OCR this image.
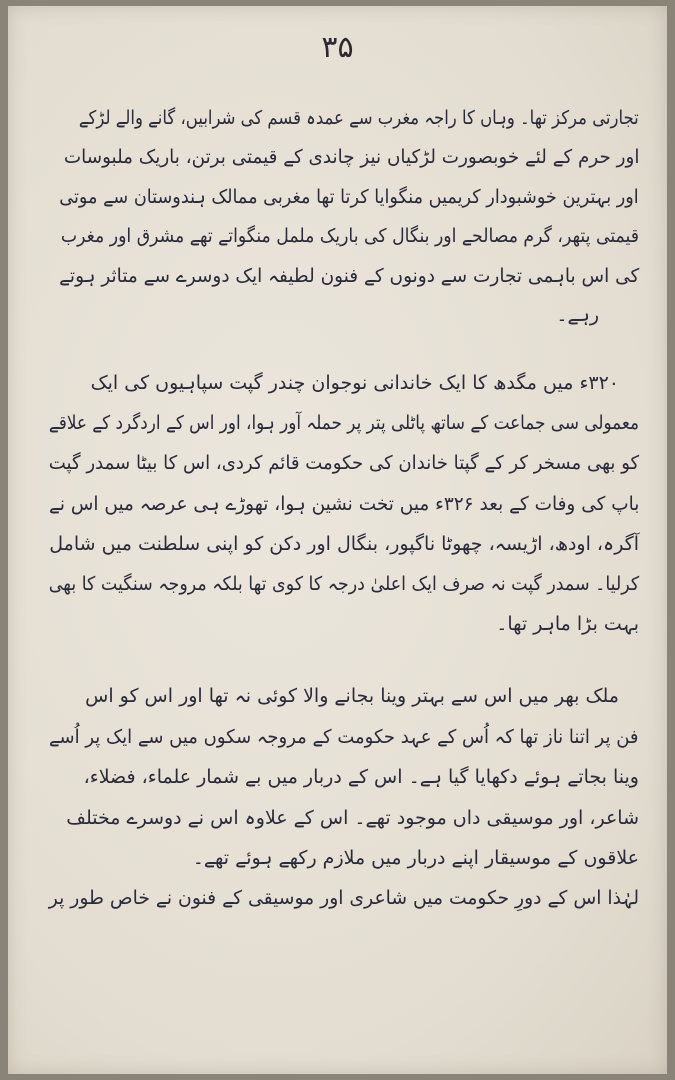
۳۵
تجارتی مرکز تھا۔ وہاں کا راجہ مغرب سے عمدہ قسم کی شرابیں، گانے والے لڑکے
اور حرم کے لئے خوبصورت لڑکیاں نیز چاندی کے قیمتی برتن، باریک ملبوسات
اور بہترین خوشبودار کریمیں منگوایا کرتا تھا مغربی ممالک ہندوستان سے موتی
قیمتی پتھر، گرم مصالحے اور بنگال کی باریک ململ منگواتے تھے مشرق اور مغرب
کی اس باہمی تجارت سے دونوں کے فنون لطیفہ ایک دوسرے سے متاثر ہوتے
رہے۔
۳۲۰ء میں مگدھ کا ایک خاندانی نوجوان چندر گپت سپاہیوں کی ایک
معمولی سی جماعت کے ساتھ پاٹلی پتر پر حملہ آور ہوا، اور اس کے اردگرد کے علاقے
کو بھی مسخر کر کے گپتا خاندان کی حکومت قائم کردی، اس کا بیٹا سمدر گپت
باپ کی وفات کے بعد ۳۲۶ء میں تخت نشین ہوا، تھوڑے ہی عرصہ میں اس نے
آگرہ، اودھ، اڑیسہ، چھوٹا ناگپور، بنگال اور دکن کو اپنی سلطنت میں شامل
کرلیا۔ سمدر گپت نہ صرف ایک اعلیٰ درجہ کا کوی تھا بلکہ مروجہ سنگیت کا بھی
بہت بڑا ماہر تھا۔
ملک بھر میں اس سے بہتر وینا بجانے والا کوئی نہ تھا اور اس کو اس
فن پر اتنا ناز تھا کہ اُس کے عہد حکومت کے مروجہ سکوں میں سے ایک پر اُسے
وینا بجاتے ہوئے دکھایا گیا ہے۔ اس کے دربار میں بے شمار علماء، فضلاء،
شاعر، اور موسیقی داں موجود تھے۔ اس کے علاوہ اس نے دوسرے مختلف
علاقوں کے موسیقار اپنے دربار میں ملازم رکھے ہوئے تھے۔
لہٰذا اس کے دورِ حکومت میں شاعری اور موسیقی کے فنون نے خاص طور پر
